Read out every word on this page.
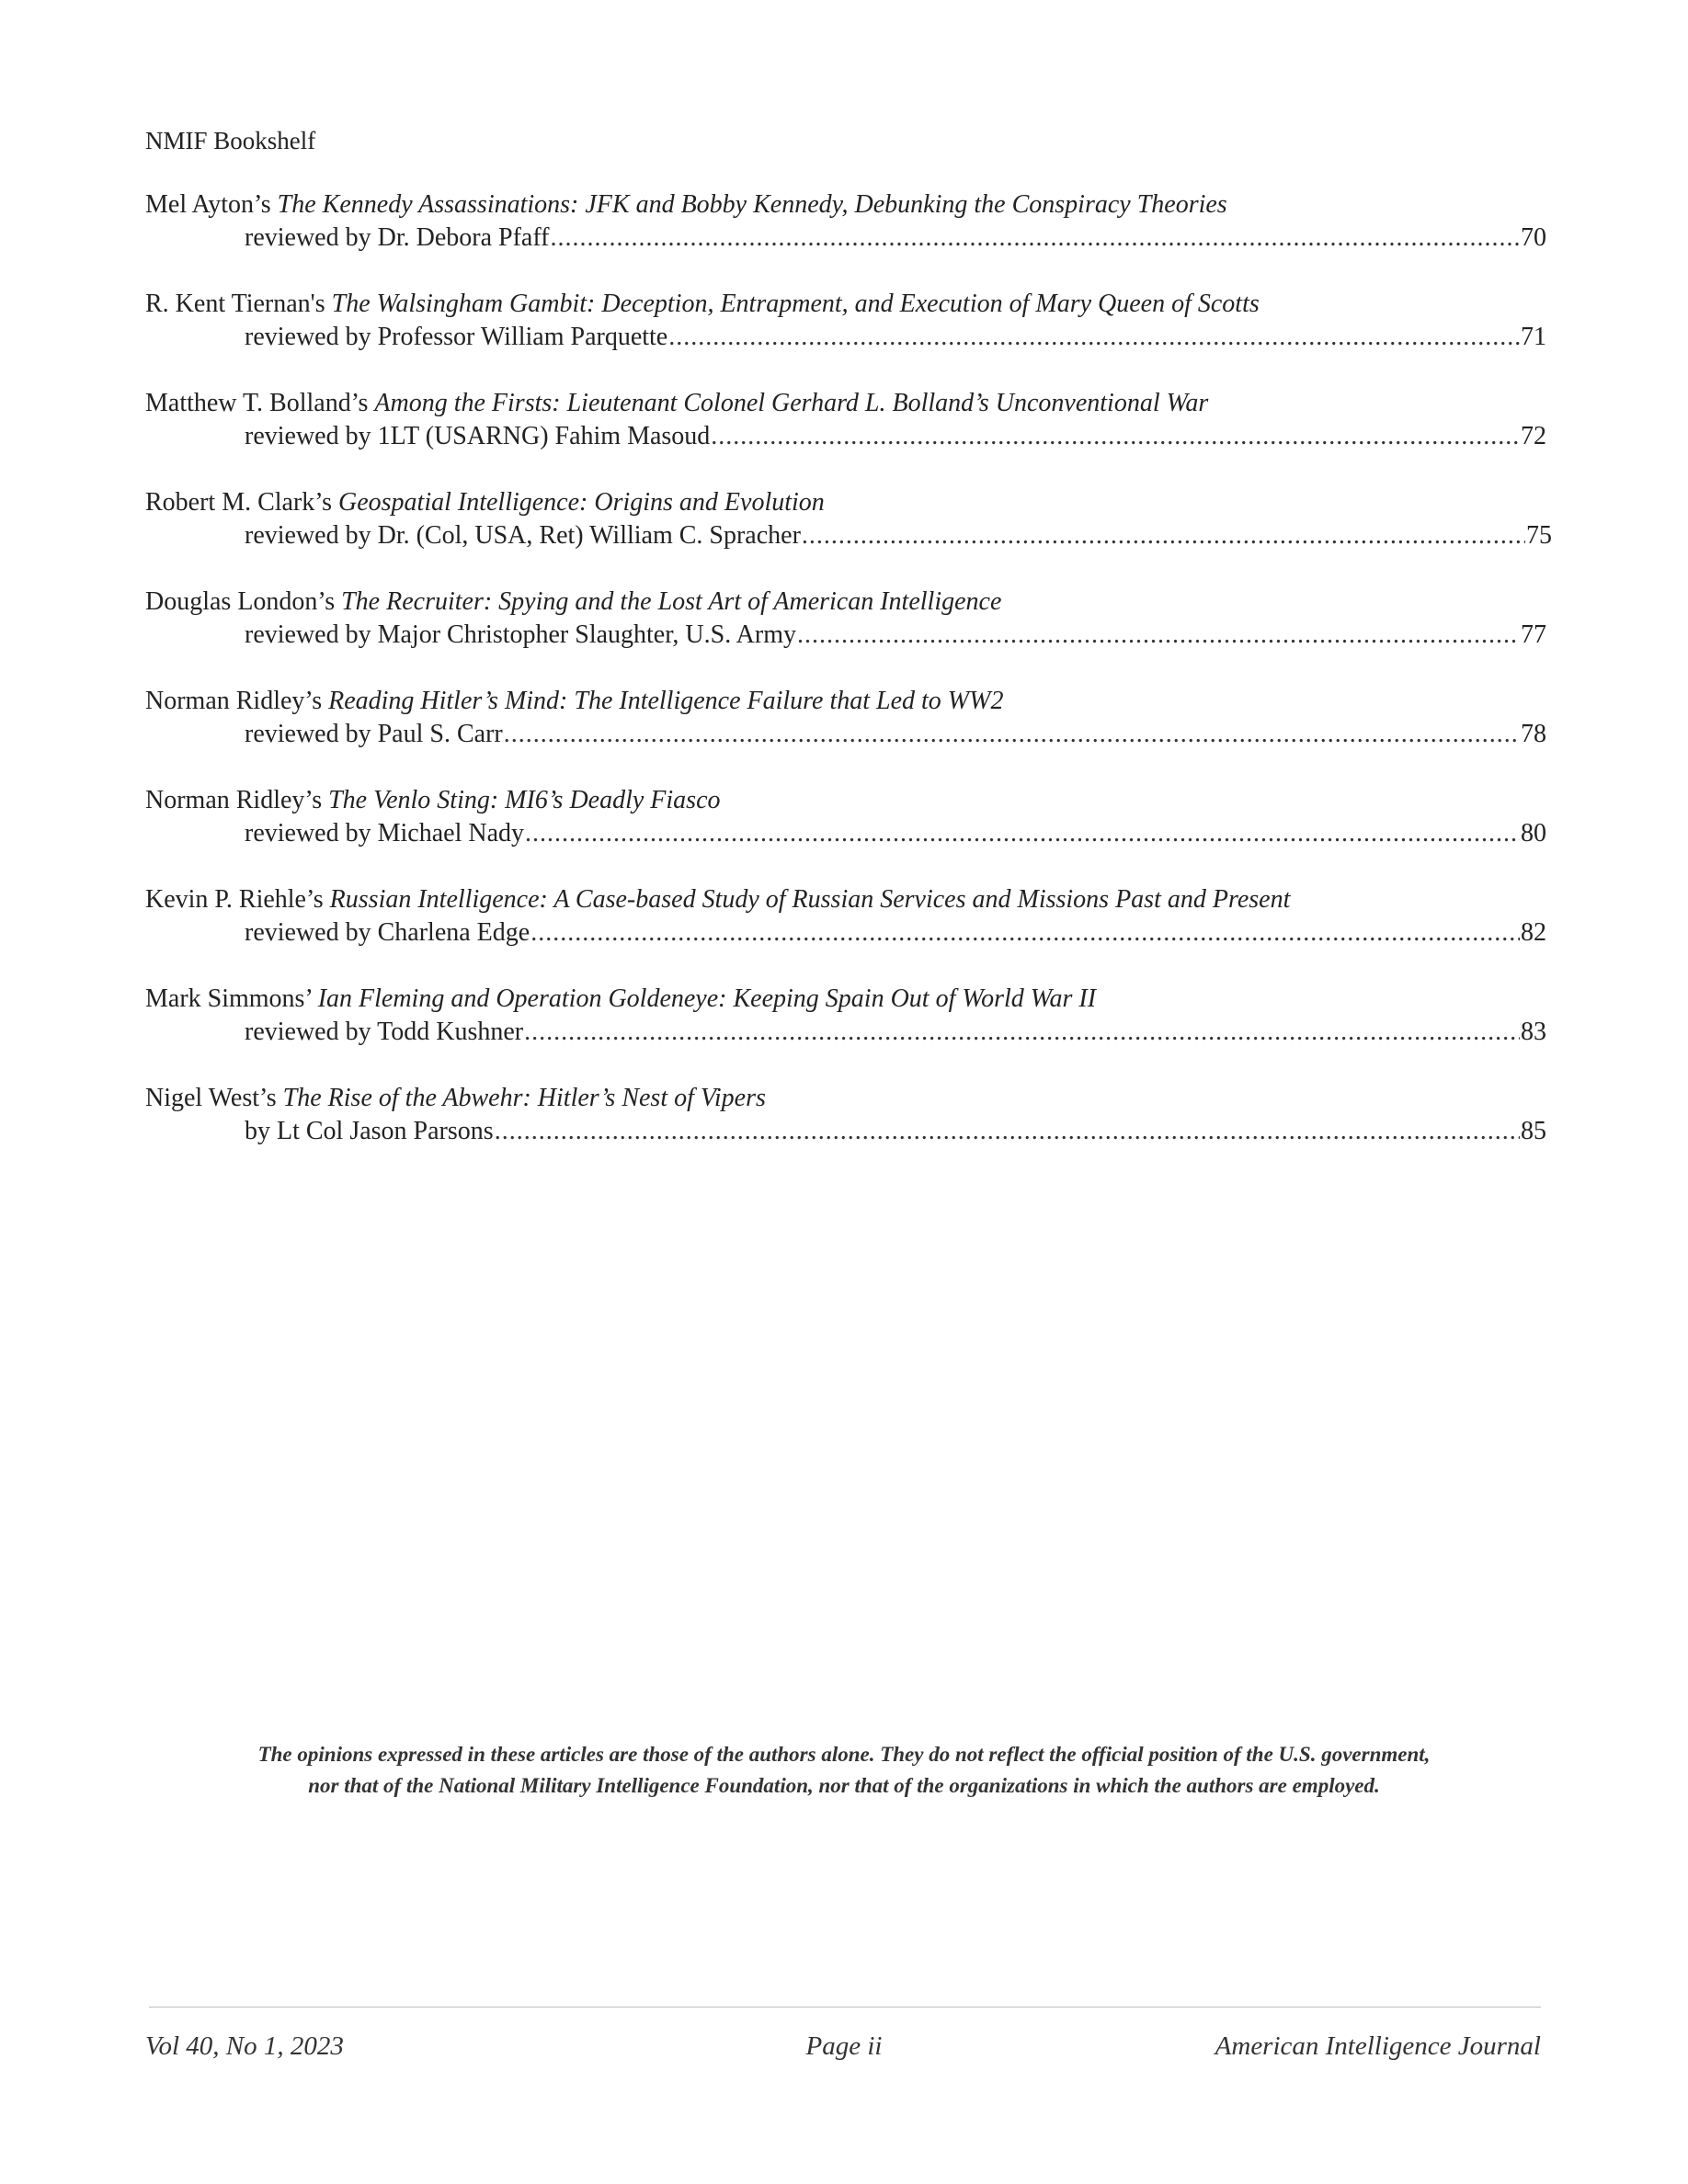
NMIF Bookshelf
Mel Ayton’s The Kennedy Assassinations: JFK and Bobby Kennedy, Debunking the Conspiracy Theories
reviewed by Dr. Debora Pfaff .....	70
R. Kent Tiernan's The Walsingham Gambit: Deception, Entrapment, and Execution of Mary Queen of Scotts
reviewed by Professor William Parquette .....	71
Matthew T. Bolland’s Among the Firsts: Lieutenant Colonel Gerhard L. Bolland’s Unconventional War
reviewed by 1LT (USARNG) Fahim Masoud .....	72
Robert M. Clark’s Geospatial Intelligence: Origins and Evolution
reviewed by Dr. (Col, USA, Ret) William C. Spracher .....	75
Douglas London’s The Recruiter: Spying and the Lost Art of American Intelligence
reviewed by Major Christopher Slaughter, U.S. Army .....	77
Norman Ridley’s Reading Hitler’s Mind: The Intelligence Failure that Led to WW2
reviewed by Paul S. Carr .....	78
Norman Ridley’s The Venlo Sting: MI6’s Deadly Fiasco
reviewed by Michael Nady .....	80
Kevin P. Riehle’s Russian Intelligence: A Case-based Study of Russian Services and Missions Past and Present
reviewed by Charlena Edge .....	82
Mark Simmons’ Ian Fleming and Operation Goldeneye: Keeping Spain Out of World War II
reviewed by Todd Kushner .....	83
Nigel West’s The Rise of the Abwehr: Hitler’s Nest of Vipers
by Lt Col Jason Parsons .....	85
The opinions expressed in these articles are those of the authors alone. They do not reflect the official position of the U.S. government,
nor that of the National Military Intelligence Foundation, nor that of the organizations in which the authors are employed.
Vol 40, No 1, 2023	Page ii	American Intelligence Journal
